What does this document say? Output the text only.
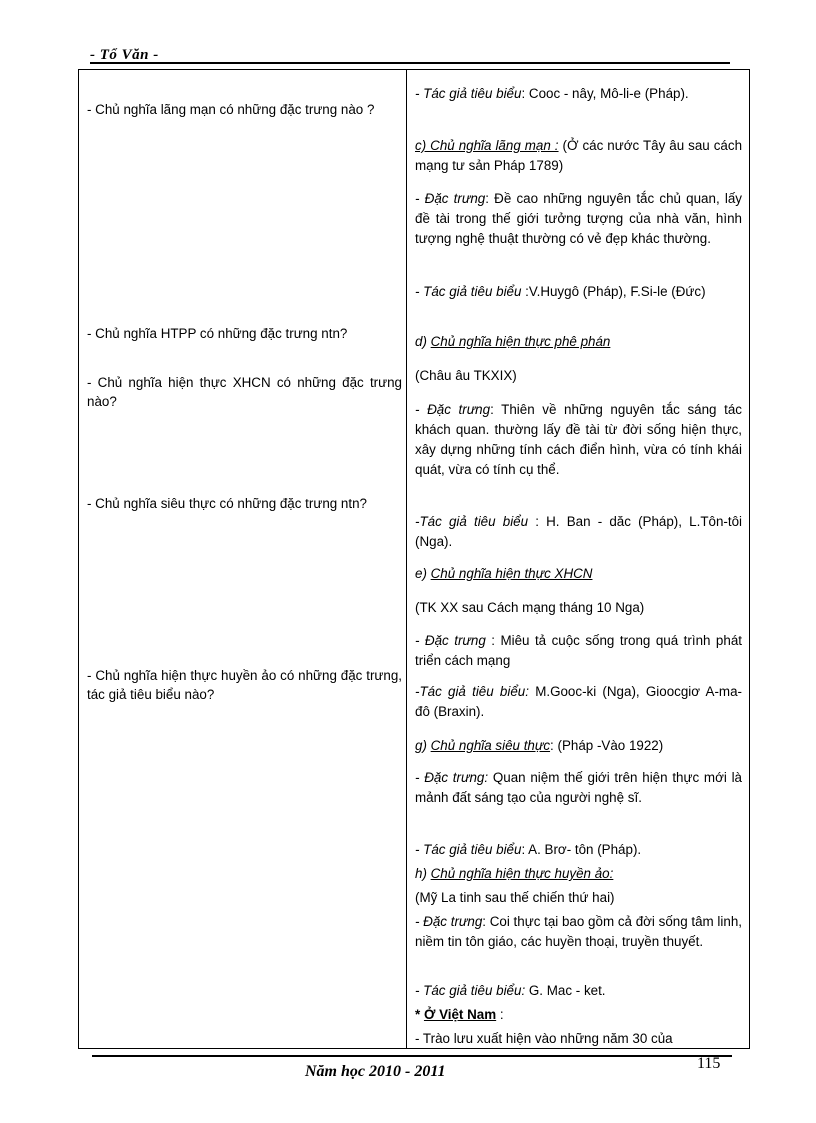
- Tổ Văn -
- Chủ nghĩa lãng mạn có những đặc trưng nào ?
- Chủ nghĩa HTPP có những đặc trưng ntn?
- Chủ nghĩa hiện thực XHCN có những đặc trưng nào?
- Chủ nghĩa siêu thực có những đặc trưng ntn?
- Chủ nghĩa hiện thực huyền ảo có những đặc trưng, tác giả tiêu biểu nào?
- Tác giả tiêu biểu: Cooc - nây, Mô-li-e (Pháp).
c) Chủ nghĩa lãng mạn : (Ở các nước Tây âu sau cách mạng tư sản Pháp 1789)
- Đặc trưng: Đề cao những nguyên tắc chủ quan, lấy đề tài trong thế giới tưởng tượng của nhà văn, hình tượng nghệ thuật thường có vẻ đẹp khác thường.
- Tác giả tiêu biểu :V.Huygô (Pháp), F.Si-le (Đức)
d) Chủ nghĩa hiện thực phê phán
(Châu âu TKXIX)
- Đặc trưng: Thiên về những nguyên tắc sáng tác khách quan. thường lấy đề tài từ đời sống hiện thực, xây dựng những tính cách điển hình, vừa có tính khái quát, vừa có tính cụ thể.
-Tác giả tiêu biểu : H. Ban - dăc (Pháp), L.Tôn-tôi (Nga).
e) Chủ nghĩa hiện thực XHCN
(TK XX sau Cách mạng tháng 10 Nga)
- Đặc trưng : Miêu tả cuộc sống trong quá trình phát triển cách mạng
-Tác giả tiêu biểu: M.Gooc-ki (Nga), Gioocgiơ A-ma- đô (Braxin).
g) Chủ nghĩa siêu thực: (Pháp -Vào 1922)
- Đặc trưng: Quan niệm thế giới trên hiện thực mới là mảnh đất sáng tạo của người nghệ sĩ.
- Tác giả tiêu biểu: A. Brơ- tôn (Pháp).
h) Chủ nghĩa hiện thực huyền ảo:
(Mỹ La tinh sau thế chiến thứ hai)
- Đặc trưng: Coi thực tại bao gồm cả đời sống tâm linh, niềm tin tôn giáo, các huyền thoại, truyền thuyết.
- Tác giả tiêu biểu: G. Mac - ket.
* Ở Việt Nam :
- Trào lưu xuất hiện vào những năm 30 của
Năm học 2010 - 2011	115
